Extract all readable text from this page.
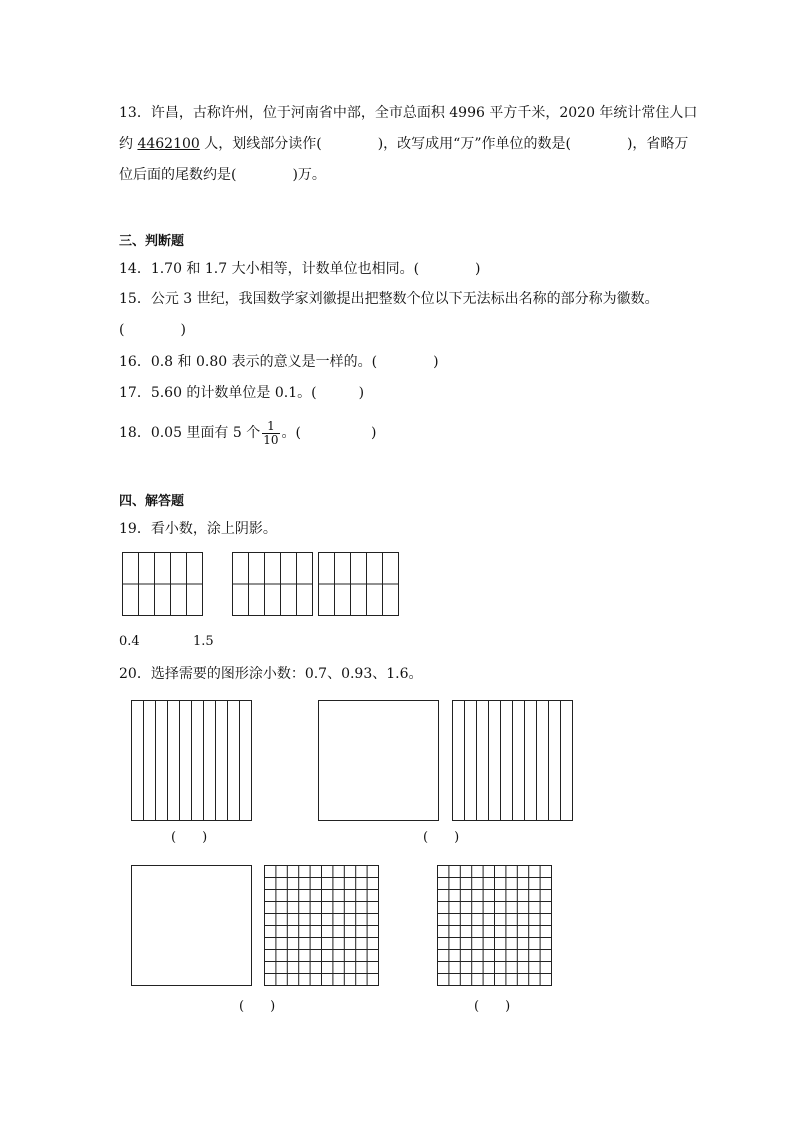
13．许昌，古称许州，位于河南省中部，全市总面积 4996 平方千米，2020 年统计常住人口
约 4462100 人，划线部分读作(　　　　)，改写成用“万”作单位的数是(　　　　)，省略万
位后面的尾数约是(　　　　)万。
三、判断题
14．1.70 和 1.7 大小相等，计数单位也相同。(　　　　)
15．公元 3 世纪，我国数学家刘徽提出把整数个位以下无法标出名称的部分称为徽数。
(　　　　)
16．0.8 和 0.80 表示的意义是一样的。(　　　　)
17．5.60 的计数单位是 0.1。(　　　)
18．0.05 里面有 5 个 $\frac{1}{10}$ 。(　　　　　)
四、解答题
19．看小数，涂上阴影。
0.4	1.5
20．选择需要的图形涂小数：0.7、0.93、1.6。
(　　)	(　　)
(　　)	(　　)
